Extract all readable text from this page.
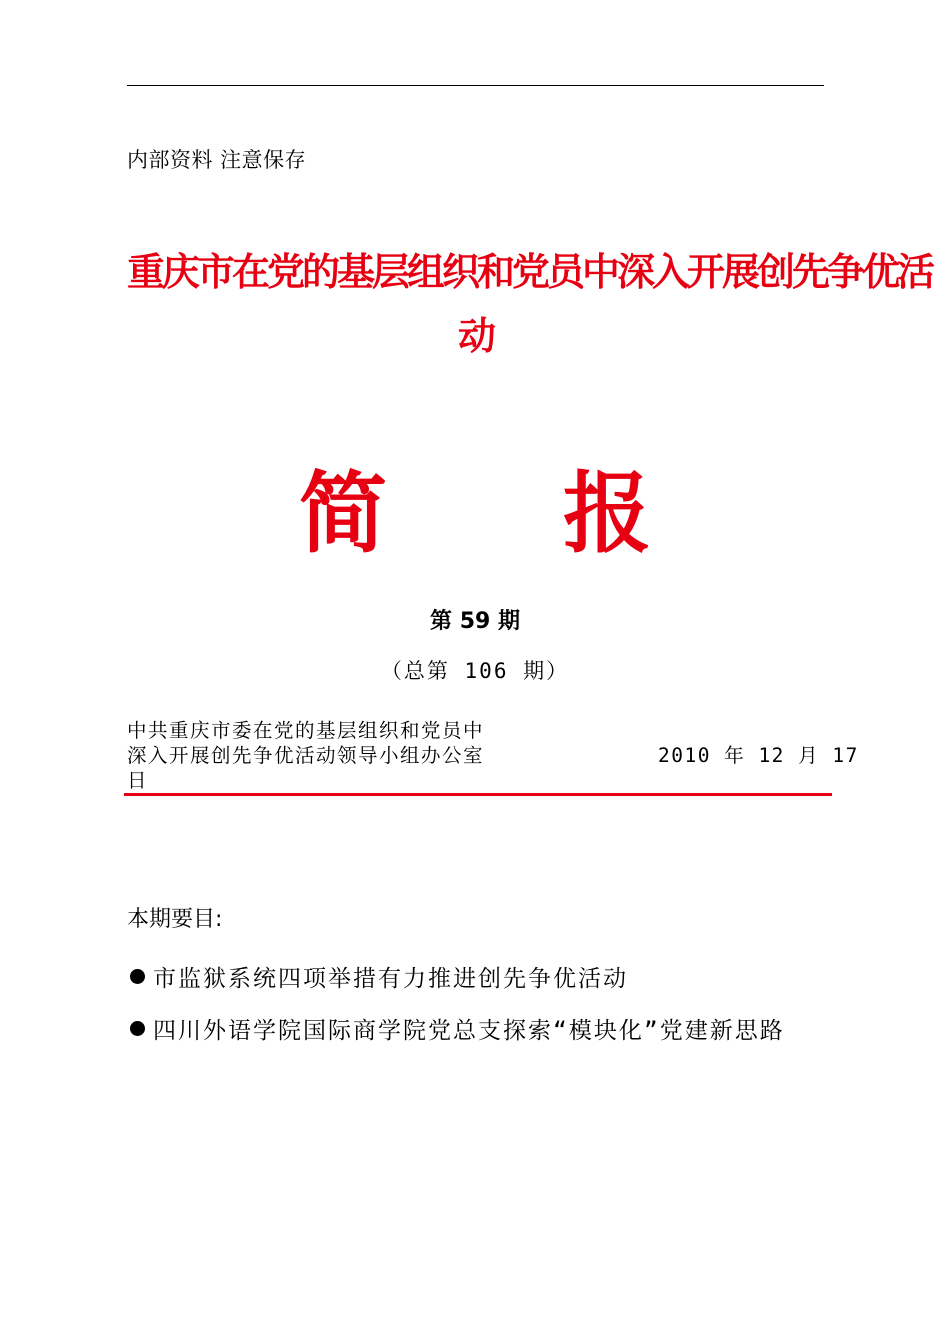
内部资料 注意保存
重庆市在党的基层组织和党员中深入开展创先争优活
动
简　　报
第 59 期
（总第 106 期）
中共重庆市委在党的基层组织和党员中
深入开展创先争优活动领导小组办公室	2010 年 12 月 17
日
本期要目:
市监狱系统四项举措有力推进创先争优活动
四川外语学院国际商学院党总支探索“模块化”党建新思路
